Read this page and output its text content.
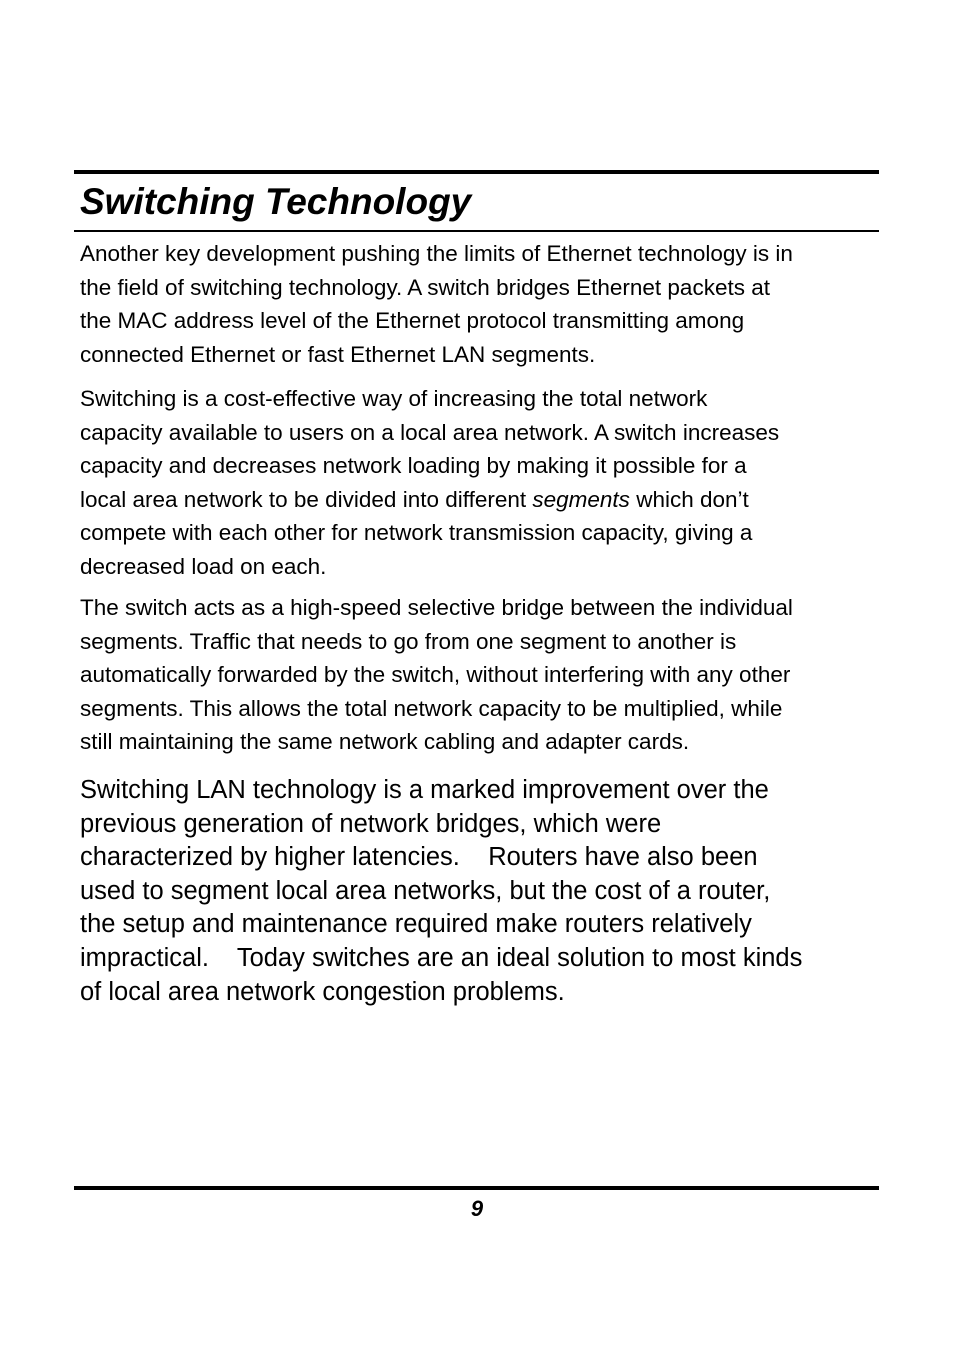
Switching Technology

Another key development pushing the limits of Ethernet technology is in
the field of switching technology. A switch bridges Ethernet packets at
the MAC address level of the Ethernet protocol transmitting among
connected Ethernet or fast Ethernet LAN segments.

Switching is a cost-effective way of increasing the total network
capacity available to users on a local area network. A switch increases
capacity and decreases network loading by making it possible for a
local area network to be divided into different segments which don’t
compete with each other for network transmission capacity, giving a
decreased load on each.

The switch acts as a high-speed selective bridge between the individual
segments. Traffic that needs to go from one segment to another is
automatically forwarded by the switch, without interfering with any other
segments. This allows the total network capacity to be multiplied, while
still maintaining the same network cabling and adapter cards.

Switching LAN technology is a marked improvement over the
previous generation of network bridges, which were
characterized by higher latencies.    Routers have also been
used to segment local area networks, but the cost of a router,
the setup and maintenance required make routers relatively
impractical.    Today switches are an ideal solution to most kinds
of local area network congestion problems.

9
